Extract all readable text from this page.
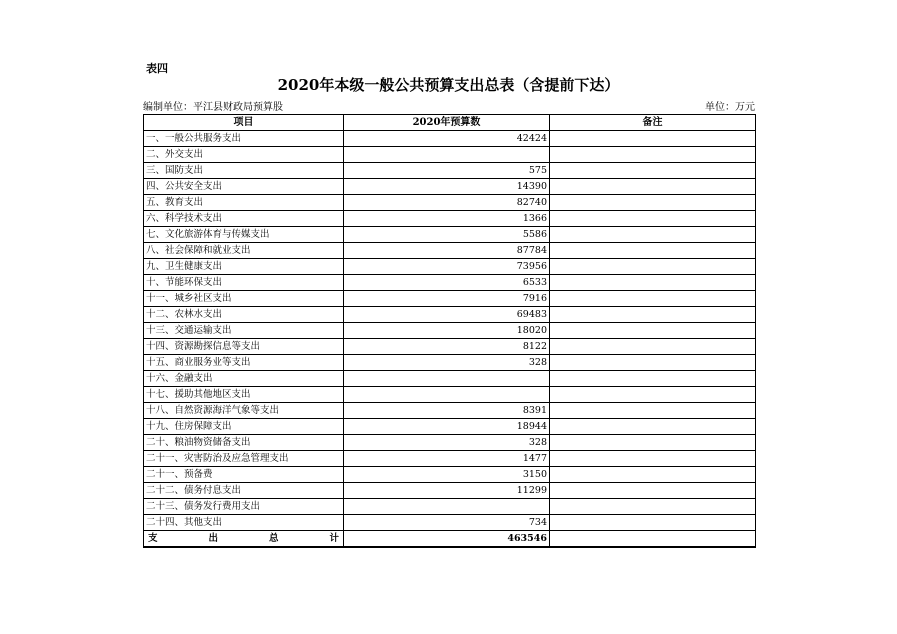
表四
2020年本级一般公共预算支出总表（含提前下达）
编制单位：平江县财政局预算股	单位：万元
项目	2020年预算数	备注
一、一般公共服务支出	42424	
二、外交支出		
三、国防支出	575	
四、公共安全支出	14390	
五、教育支出	82740	
六、科学技术支出	1366	
七、文化旅游体育与传媒支出	5586	
八、社会保障和就业支出	87784	
九、卫生健康支出	73956	
十、节能环保支出	6533	
十一、城乡社区支出	7916	
十二、农林水支出	69483	
十三、交通运输支出	18020	
十四、资源勘探信息等支出	8122	
十五、商业服务业等支出	328	
十六、金融支出		
十七、援助其他地区支出		
十八、自然资源海洋气象等支出	8391	
十九、住房保障支出	18944	
二十、粮油物资储备支出	328	
二十一、灾害防治及应急管理支出	1477	
二十一、预备费	3150	
二十二、债务付息支出	11299	
二十三、债务发行费用支出		
二十四、其他支出	734	

支 出 总 计	463546	
